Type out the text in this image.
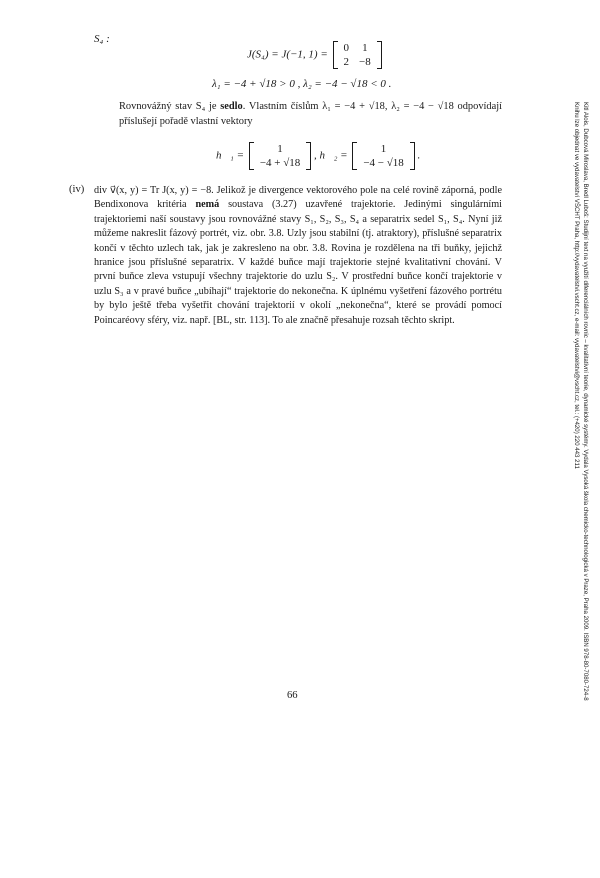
S₄ :
J(S₄) = J(−1, 1) =
0	1
2	−8
λ₁ = −4 + √18 > 0 , λ₂ = −4 − √18 < 0 .
Rovnovážný stav S₄ je sedlo. Vlastním číslům λ₁ = −4 + √18, λ₂ = −4 − √18 odpovídají příslušejí pořadě vlastní vektory
h⃗₁ =
1
−4 + √18
, h⃗₂ =
1
−4 − √18
.
(iv) div v⃗(x, y) = Tr J(x, y) = −8. Jelikož je divergence vektorového pole na celé rovině záporná, podle Bendixonova kritéria nemá soustava (3.27) uzavřené trajektorie. Jedinými singulárními trajektoriemi naší soustavy jsou rovnovážné stavy S₁, S₂, S₃, S₄ a separatrix sedel S₁, S₄. Nyní již můžeme nakreslit fázový portrét, viz. obr. 3.8. Uzly jsou stabilní (tj. atraktory), příslušné separatrix končí v těchto uzlech tak, jak je zakresleno na obr. 3.8. Rovina je rozdělena na tři buňky, jejichž hranice jsou příslušné separatrix. V každé buňce mají trajektorie stejné kvalitativní chování. V první buňce zleva vstupují všechny trajektorie do uzlu S₂. V prostřední buňce končí trajektorie v uzlu S₃ a v pravé buňce „ubíhají“ trajektorie do nekonečna. K úplnému vyšetření fázového portrétu by bylo ještě třeba vyšetřit chování trajektorií v okolí „nekonečna“, které se provádí pomocí Poincaréovy sféry, viz. např. [BL, str. 113]. To ale značně přesahuje rozsah těchto skript.
66	Kitl Alois, Dubcová Miroslava, Bredl Luboš: Studijní text na využití diferenciálních rovnic – kvalitativní teorie, dynamické systémy. Vydala Vysoká škola chemicko-technologická v Praze, Praha 2009. ISBN 978-80-7080-724-8
Knihu lze objednat ve vydavatelství VŠCHT Praha, http://vydavatelstvi.vscht.cz, e-mail: vydavatelstvi@vscht.cz, tel.: (+420) 220 443 211
